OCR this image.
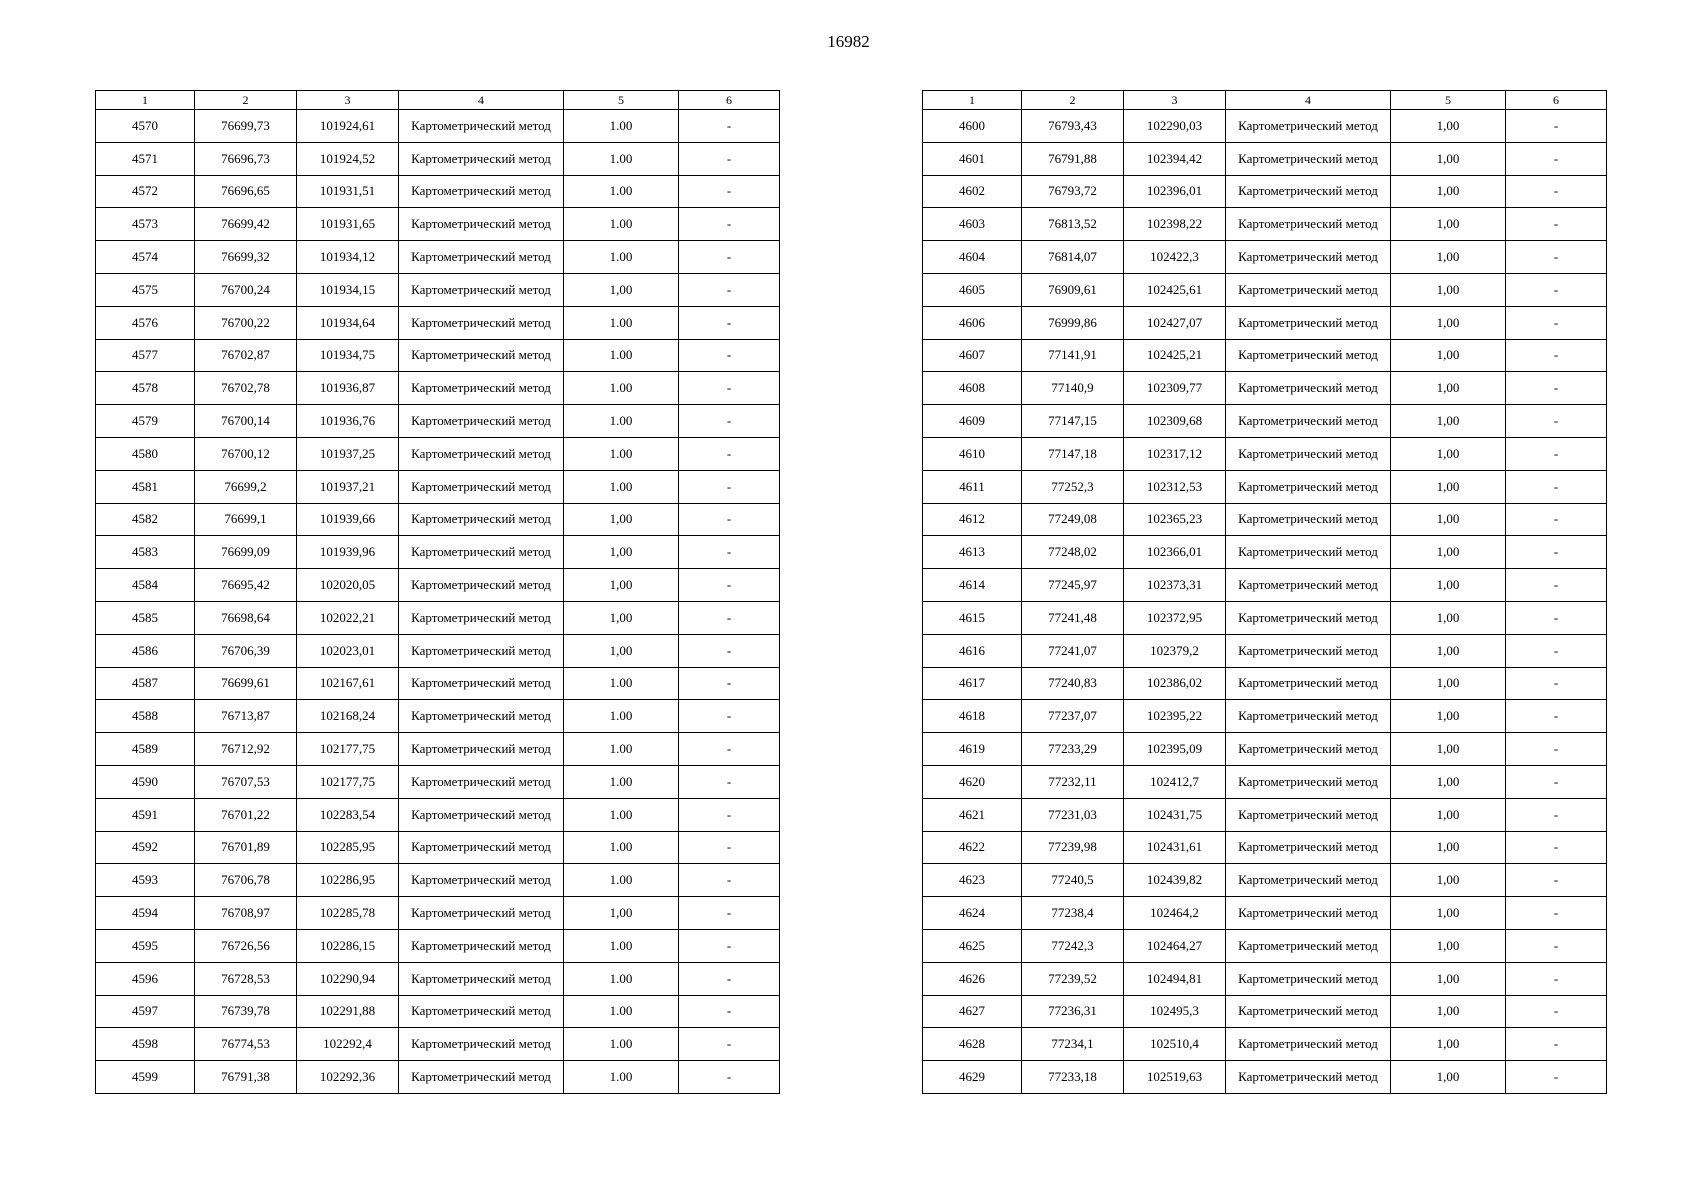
16982
1	2	3	4	5	6
4570	76699,73	101924,61	Картометрический метод	1.00	-
4571	76696,73	101924,52	Картометрический метод	1.00	-
4572	76696,65	101931,51	Картометрический метод	1.00	-
4573	76699,42	101931,65	Картометрический метод	1.00	-
4574	76699,32	101934,12	Картометрический метод	1.00	-
4575	76700,24	101934,15	Картометрический метод	1,00	-
4576	76700,22	101934,64	Картометрический метод	1.00	-
4577	76702,87	101934,75	Картометрический метод	1.00	-
4578	76702,78	101936,87	Картометрический метод	1.00	-
4579	76700,14	101936,76	Картометрический метод	1.00	-
4580	76700,12	101937,25	Картометрический метод	1.00	-
4581	76699,2	101937,21	Картометрический метод	1.00	-
4582	76699,1	101939,66	Картометрический метод	1,00	-
4583	76699,09	101939,96	Картометрический метод	1,00	-
4584	76695,42	102020,05	Картометрический метод	1,00	-
4585	76698,64	102022,21	Картометрический метод	1,00	-
4586	76706,39	102023,01	Картометрический метод	1,00	-
4587	76699,61	102167,61	Картометрический метод	1.00	-
4588	76713,87	102168,24	Картометрический метод	1.00	-
4589	76712,92	102177,75	Картометрический метод	1.00	-
4590	76707,53	102177,75	Картометрический метод	1.00	-
4591	76701,22	102283,54	Картометрический метод	1.00	-
4592	76701,89	102285,95	Картометрический метод	1.00	-
4593	76706,78	102286,95	Картометрический метод	1.00	-
4594	76708,97	102285,78	Картометрический метод	1,00	-
4595	76726,56	102286,15	Картометрический метод	1.00	-
4596	76728,53	102290,94	Картометрический метод	1.00	-
4597	76739,78	102291,88	Картометрический метод	1.00	-
4598	76774,53	102292,4	Картометрический метод	1.00	-
4599	76791,38	102292,36	Картометрический метод	1.00	-
1	2	3	4	5	6
4600	76793,43	102290,03	Картометрический метод	1,00	-
4601	76791,88	102394,42	Картометрический метод	1,00	-
4602	76793,72	102396,01	Картометрический метод	1,00	-
4603	76813,52	102398,22	Картометрический метод	1,00	-
4604	76814,07	102422,3	Картометрический метод	1,00	-
4605	76909,61	102425,61	Картометрический метод	1,00	-
4606	76999,86	102427,07	Картометрический метод	1,00	-
4607	77141,91	102425,21	Картометрический метод	1,00	-
4608	77140,9	102309,77	Картометрический метод	1,00	-
4609	77147,15	102309,68	Картометрический метод	1,00	-
4610	77147,18	102317,12	Картометрический метод	1,00	-
4611	77252,3	102312,53	Картометрический метод	1,00	-
4612	77249,08	102365,23	Картометрический метод	1,00	-
4613	77248,02	102366,01	Картометрический метод	1,00	-
4614	77245,97	102373,31	Картометрический метод	1,00	-
4615	77241,48	102372,95	Картометрический метод	1,00	-
4616	77241,07	102379,2	Картометрический метод	1,00	-
4617	77240,83	102386,02	Картометрический метод	1,00	-
4618	77237,07	102395,22	Картометрический метод	1,00	-
4619	77233,29	102395,09	Картометрический метод	1,00	-
4620	77232,11	102412,7	Картометрический метод	1,00	-
4621	77231,03	102431,75	Картометрический метод	1,00	-
4622	77239,98	102431,61	Картометрический метод	1,00	-
4623	77240,5	102439,82	Картометрический метод	1,00	-
4624	77238,4	102464,2	Картометрический метод	1,00	-
4625	77242,3	102464,27	Картометрический метод	1,00	-
4626	77239,52	102494,81	Картометрический метод	1,00	-
4627	77236,31	102495,3	Картометрический метод	1,00	-
4628	77234,1	102510,4	Картометрический метод	1,00	-
4629	77233,18	102519,63	Картометрический метод	1,00	-
